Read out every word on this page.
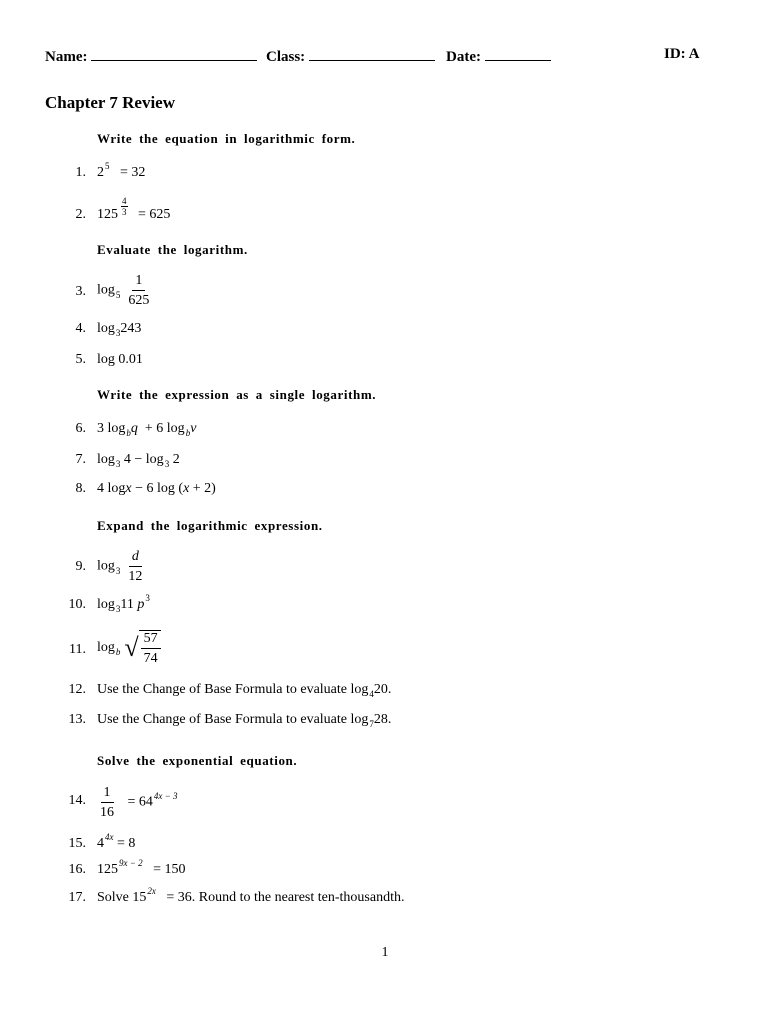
Name:	Class:	Date:	ID: A
Chapter 7 Review
Write the equation in logarithmic form.
1. $2^5 = 32$
2. $125 \frac{4}{3} = 625$
Evaluate the logarithm.
3. $\log_5 \frac{1}{625}$
4. $\log_3243$
5. log 0.01
Write the expression as a single logarithm.
6. 3 $\log_bq + 6$ $\log_bv$
7. $\log_3 4 - \log_3 2$
8. 4 logx − 6 log (x + 2)
Expand the logarithmic expression.
9. $\log_3 \frac{d}{12}$
10. $\log_311$ $p^3$
11. $\log_b$ √ $\frac{57}{74}$
12. Use the Change of Base Formula to evaluate $\log_420$.
13. Use the Change of Base Formula to evaluate $\log_728$.
Solve the exponential equation.
14. $\frac{1}{16} = 64^{4x - 3}$
15. $4^{4x} = 8$
16. $125^{9x - 2} = 150$
17. Solve $15^{2x} = 36$. Round to the nearest ten-thousandth.
1
